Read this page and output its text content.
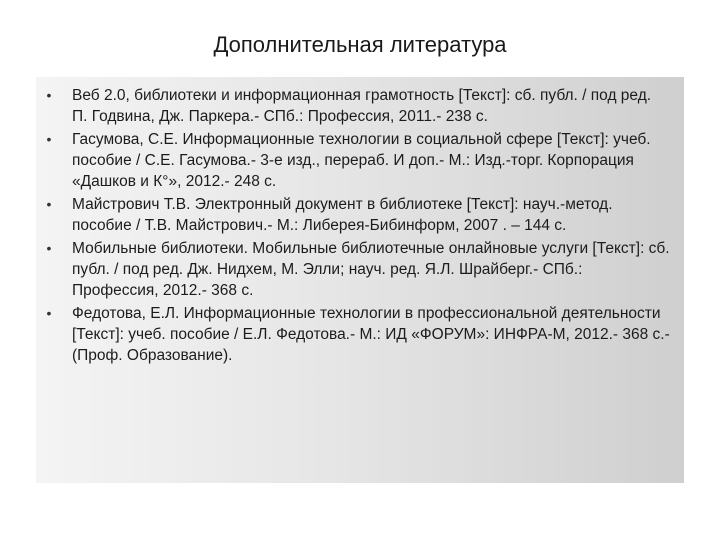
Дополнительная литература
• Веб 2.0, библиотеки и информационная грамотность [Текст]: сб. публ. / под ред. П. Годвина, Дж. Паркера.- СПб.: Профессия, 2011.- 238 с.
• Гасумова, С.Е. Информационные технологии в социальной сфере [Текст]: учеб. пособие / С.Е. Гасумова.- 3-е изд., перераб. И доп.- М.: Изд.-торг. Корпорация «Дашков и К°», 2012.- 248 с.
• Майстрович Т.В. Электронный документ в библиотеке [Текст]: науч.-метод. пособие / Т.В. Майстрович.- М.: Либерея-Бибинформ, 2007 . – 144 с.
• Мобильные библиотеки. Мобильные библиотечные онлайновые услуги [Текст]: сб. публ. / под ред. Дж. Нидхем, М. Элли; науч. ред. Я.Л. Шрайберг.- СПб.: Профессия, 2012.- 368 с.
• Федотова, Е.Л. Информационные технологии в профессиональной деятельности [Текст]: учеб. пособие / Е.Л. Федотова.- М.: ИД «ФОРУМ»: ИНФРА-М, 2012.- 368 с.- (Проф. Образование).
